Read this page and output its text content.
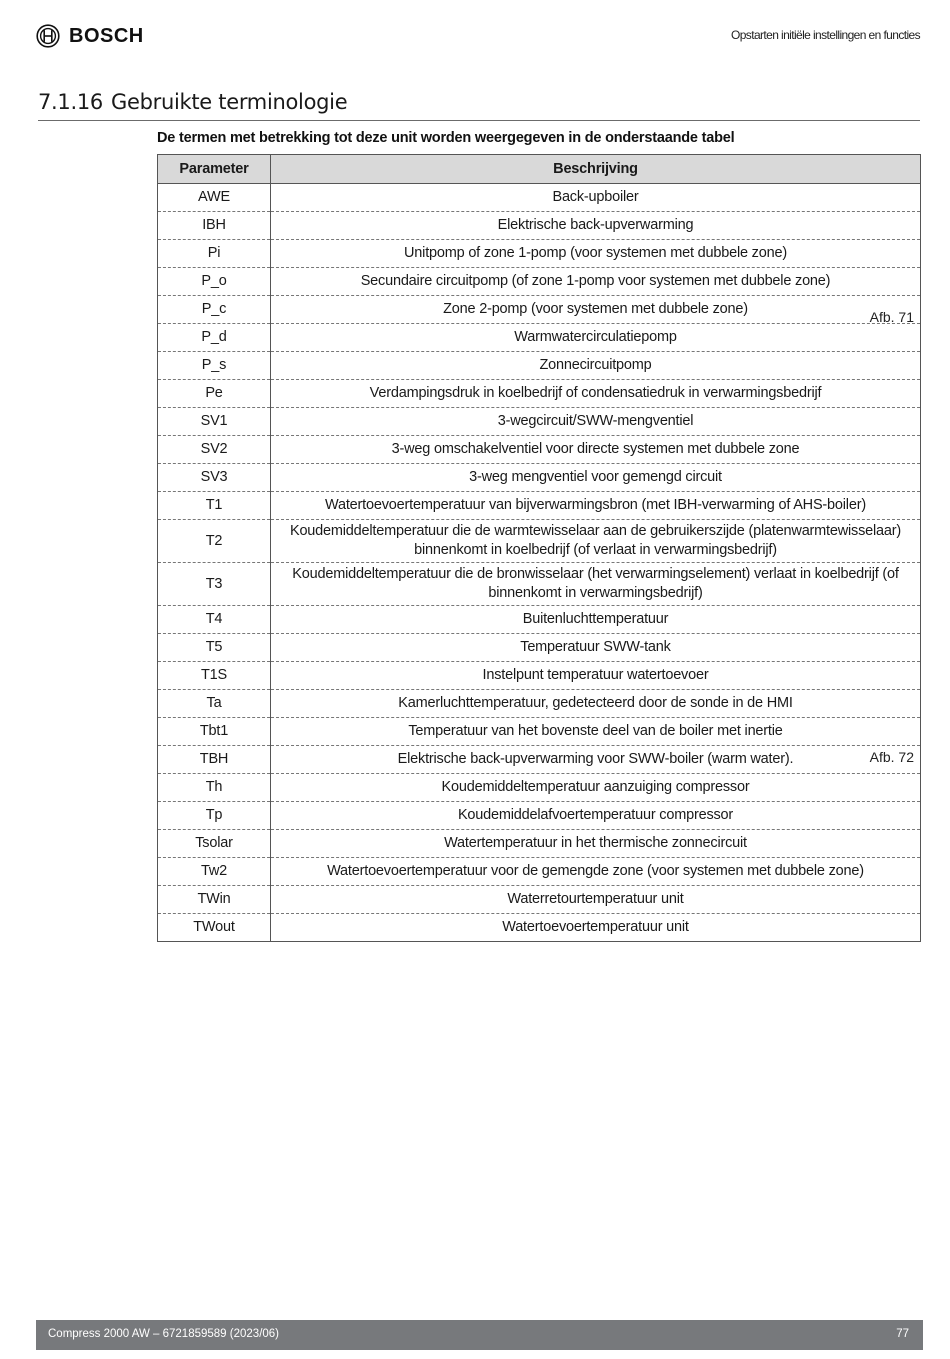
BOSCH	Opstarten initiële instellingen en functies
7.1.16 Gebruikte terminologie
De termen met betrekking tot deze unit worden weergegeven in de onderstaande tabel
Parameter	Beschrijving
AWE	Back-upboiler
IBH	Elektrische back-upverwarming
Pi	Unitpomp of zone 1-pomp (voor systemen met dubbele zone)
P_o	Secundaire circuitpomp (of zone 1-pomp voor systemen met dubbele zone)
P_c	Zone 2-pomp (voor systemen met dubbele zone)
P_d	Warmwatercirculatiepomp
P_s	Zonnecircuitpomp
Pe	Verdampingsdruk in koelbedrijf of condensatiedruk in verwarmingsbedrijf
SV1	3-wegcircuit/SWW-mengventiel
SV2	3-weg omschakelventiel voor directe systemen met dubbele zone
SV3	3-weg mengventiel voor gemengd circuit
T1	Watertoevoertemperatuur van bijverwarmingsbron (met IBH-verwarming of AHS-boiler)
T2	Koudemiddeltemperatuur die de warmtewisselaar aan de gebruikerszijde (platenwarmtewisselaar) binnenkomt in koelbedrijf (of verlaat in verwarmingsbedrijf)
T3	Koudemiddeltemperatuur die de bronwisselaar (het verwarmingselement) verlaat in koelbedrijf (of binnenkomt in verwarmingsbedrijf)
T4	Buitenluchttemperatuur
T5	Temperatuur SWW-tank
T1S	Instelpunt temperatuur watertoevoer
Ta	Kamerluchttemperatuur, gedetecteerd door de sonde in de HMI
Tbt1	Temperatuur van het bovenste deel van de boiler met inertie
TBH	Elektrische back-upverwarming voor SWW-boiler (warm water).
Th	Koudemiddeltemperatuur aanzuiging compressor
Tp	Koudemiddelafvoertemperatuur compressor
Tsolar	Watertemperatuur in het thermische zonnecircuit
Tw2	Watertoevoertemperatuur voor de gemengde zone (voor systemen met dubbele zone)
TWin	Waterretourtemperatuur unit
TWout	Watertoevoertemperatuur unit
Afb. 71
Afb. 72
Compress 2000 AW – 6721859589 (2023/06)	77
